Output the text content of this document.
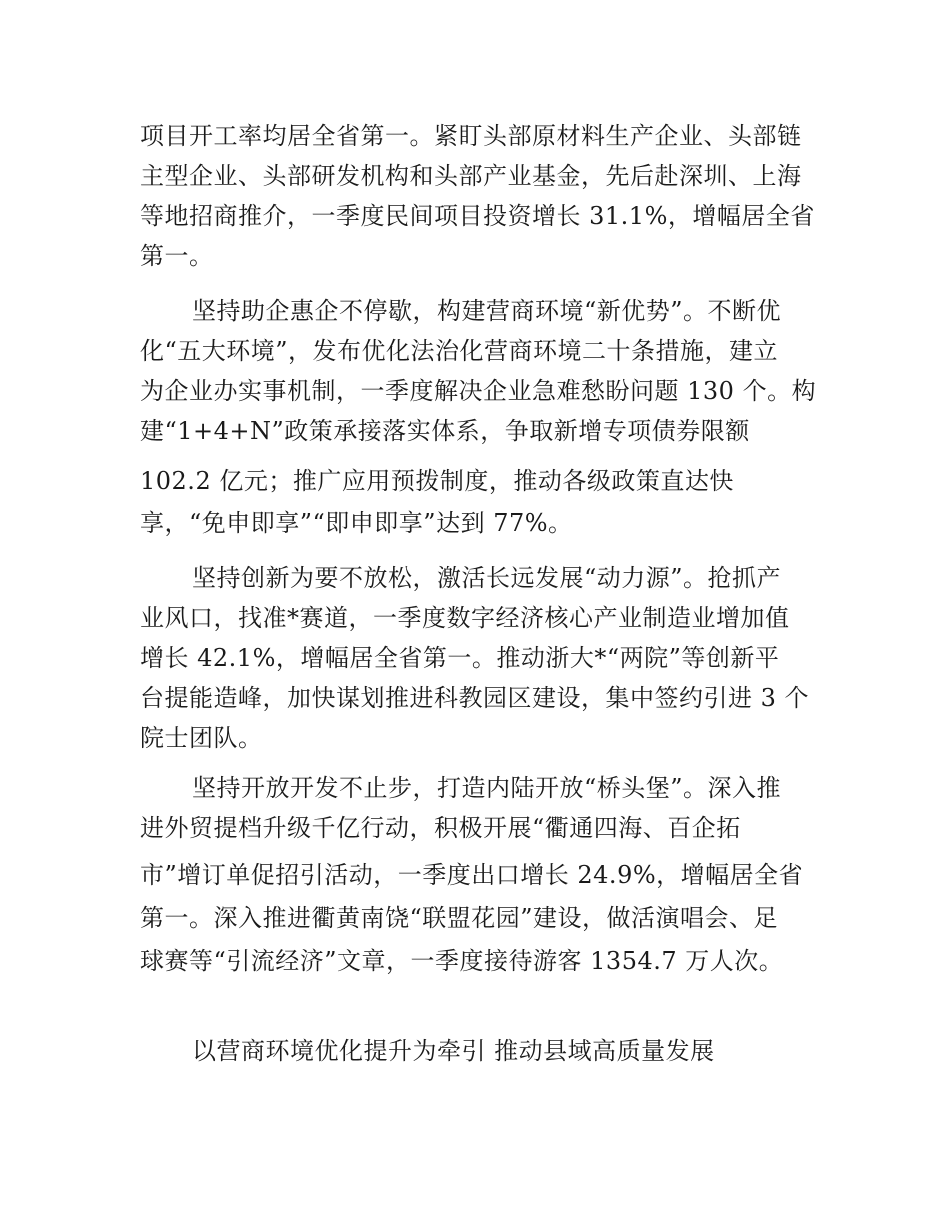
项目开工率均居全省第一。紧盯头部原材料生产企业、头部链
主型企业、头部研发机构和头部产业基金，先后赴深圳、上海
等地招商推介，一季度民间项目投资增长 31.1%，增幅居全省
第一。
坚持助企惠企不停歇，构建营商环境“新优势”。不断优
化“五大环境”，发布优化法治化营商环境二十条措施，建立
为企业办实事机制，一季度解决企业急难愁盼问题 130 个。构
建“1+4+N”政策承接落实体系，争取新增专项债券限额
102.2 亿元；推广应用预拨制度，推动各级政策直达快
享，“免申即享”“即申即享”达到 77%。
坚持创新为要不放松，激活长远发展“动力源”。抢抓产
业风口，找准*赛道，一季度数字经济核心产业制造业增加值
增长 42.1%，增幅居全省第一。推动浙大*“两院”等创新平
台提能造峰，加快谋划推进科教园区建设，集中签约引进 3 个
院士团队。
坚持开放开发不止步，打造内陆开放“桥头堡”。深入推
进外贸提档升级千亿行动，积极开展“衢通四海、百企拓
市”增订单促招引活动，一季度出口增长 24.9%，增幅居全省
第一。深入推进衢黄南饶“联盟花园”建设，做活演唱会、足
球赛等“引流经济”文章，一季度接待游客 1354.7 万人次。
以营商环境优化提升为牵引 推动县域高质量发展
